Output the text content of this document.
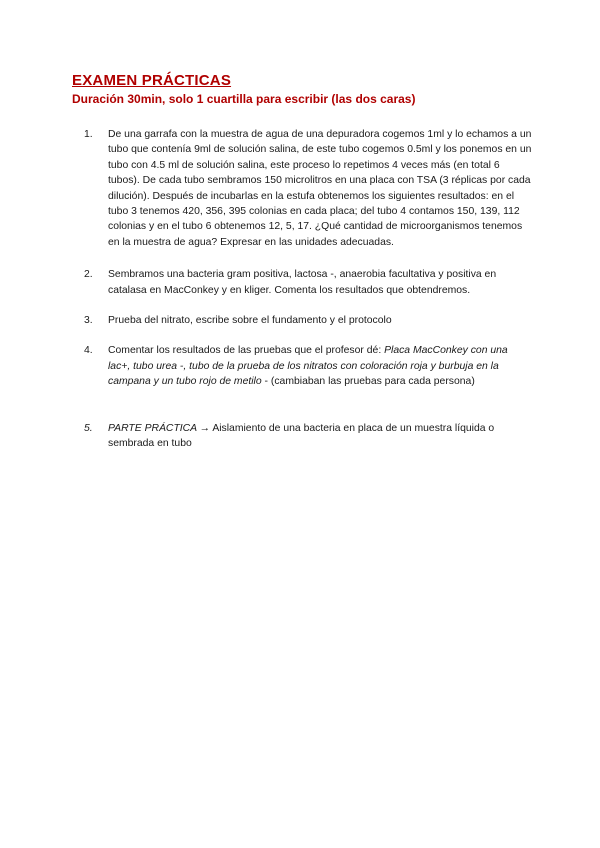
EXAMEN PRÁCTICAS
Duración 30min, solo 1 cuartilla para escribir (las dos caras)
1.	De una garrafa con la muestra de agua de una depuradora cogemos 1ml y lo echamos a un tubo que contenía 9ml de solución salina, de este tubo cogemos 0.5ml y los ponemos en un tubo con 4.5 ml de solución salina, este proceso lo repetimos 4 veces más (en total 6 tubos). De cada tubo sembramos 150 microlitros en una placa con TSA (3 réplicas por cada dilución). Después de incubarlas en la estufa obtenemos los siguientes resultados: en el tubo 3 tenemos 420, 356, 395 colonias en cada placa; del tubo 4 contamos 150, 139, 112 colonias y en el tubo 6 obtenemos 12, 5, 17. ¿Qué cantidad de microorganismos tenemos en la muestra de agua? Expresar en las unidades adecuadas.
2.	Sembramos una bacteria gram positiva, lactosa -, anaerobia facultativa y positiva en catalasa en MacConkey y en kliger. Comenta los resultados que obtendremos.
3.	Prueba del nitrato, escribe sobre el fundamento y el protocolo
4.	Comentar los resultados de las pruebas que el profesor dé: Placa MacConkey con una lac+, tubo urea -, tubo de la prueba de los nitratos con coloración roja y burbuja en la campana y un tubo rojo de metilo - (cambiaban las pruebas para cada persona)
5.	PARTE PRÁCTICA → Aislamiento de una bacteria en placa de un muestra líquida o sembrada en tubo
